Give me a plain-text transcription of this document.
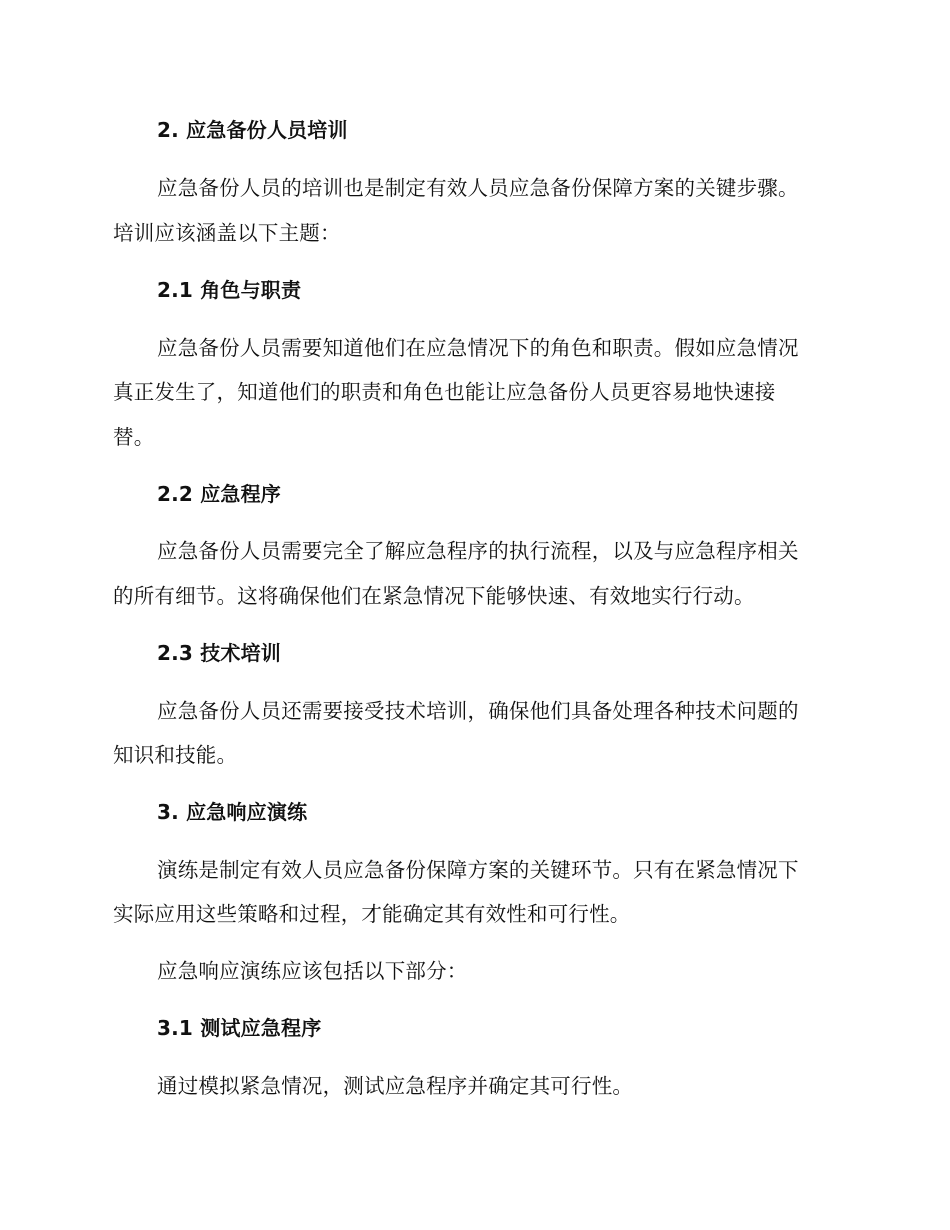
2. 应急备份人员培训
应急备份人员的培训也是制定有效人员应急备份保障方案的关键步骤。
培训应该涵盖以下主题：
2.1 角色与职责
应急备份人员需要知道他们在应急情况下的角色和职责。假如应急情况
真正发生了，知道他们的职责和角色也能让应急备份人员更容易地快速接
替。
2.2 应急程序
应急备份人员需要完全了解应急程序的执行流程，以及与应急程序相关
的所有细节。这将确保他们在紧急情况下能够快速、有效地实行行动。
2.3 技术培训
应急备份人员还需要接受技术培训，确保他们具备处理各种技术问题的
知识和技能。
3. 应急响应演练
演练是制定有效人员应急备份保障方案的关键环节。只有在紧急情况下
实际应用这些策略和过程，才能确定其有效性和可行性。
应急响应演练应该包括以下部分：
3.1 测试应急程序
通过模拟紧急情况，测试应急程序并确定其可行性。
